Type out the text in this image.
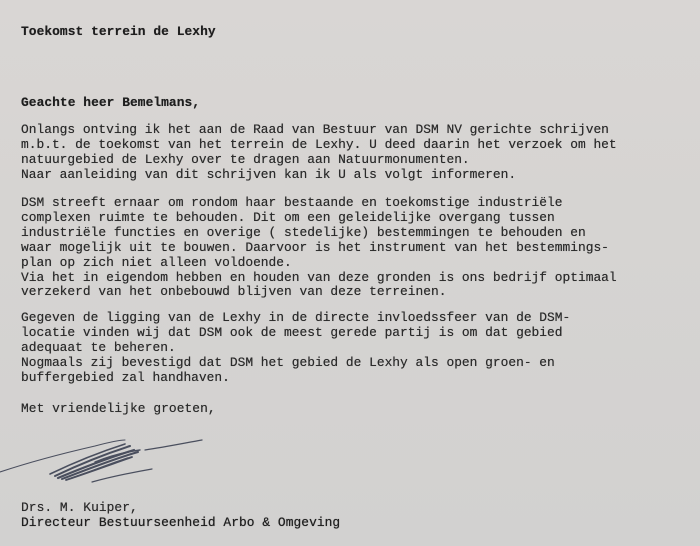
Toekomst terrein de Lexhy
Geachte heer Bemelmans,
Onlangs ontving ik het aan de Raad van Bestuur van DSM NV gerichte schrijven
m.b.t. de toekomst van het terrein de Lexhy. U deed daarin het verzoek om het
natuurgebied de Lexhy over te dragen aan Natuurmonumenten.
Naar aanleiding van dit schrijven kan ik U als volgt informeren.
DSM streeft ernaar om rondom haar bestaande en toekomstige industriële
complexen ruimte te behouden. Dit om een geleidelijke overgang tussen
industriële functies en overige ( stedelijke) bestemmingen te behouden en
waar mogelijk uit te bouwen. Daarvoor is het instrument van het bestemmings-
plan op zich niet alleen voldoende.
Via het in eigendom hebben en houden van deze gronden is ons bedrijf optimaal
verzekerd van het onbebouwd blijven van deze terreinen.
Gegeven de ligging van de Lexhy in de directe invloedssfeer van de DSM-
locatie vinden wij dat DSM ook de meest gerede partij is om dat gebied
adequaat te beheren.
Nogmaals zij bevestigd dat DSM het gebied de Lexhy als open groen- en
buffergebied zal handhaven.
Met vriendelijke groeten,
Drs. M. Kuiper,
Directeur Bestuurseenheid Arbo & Omgeving
